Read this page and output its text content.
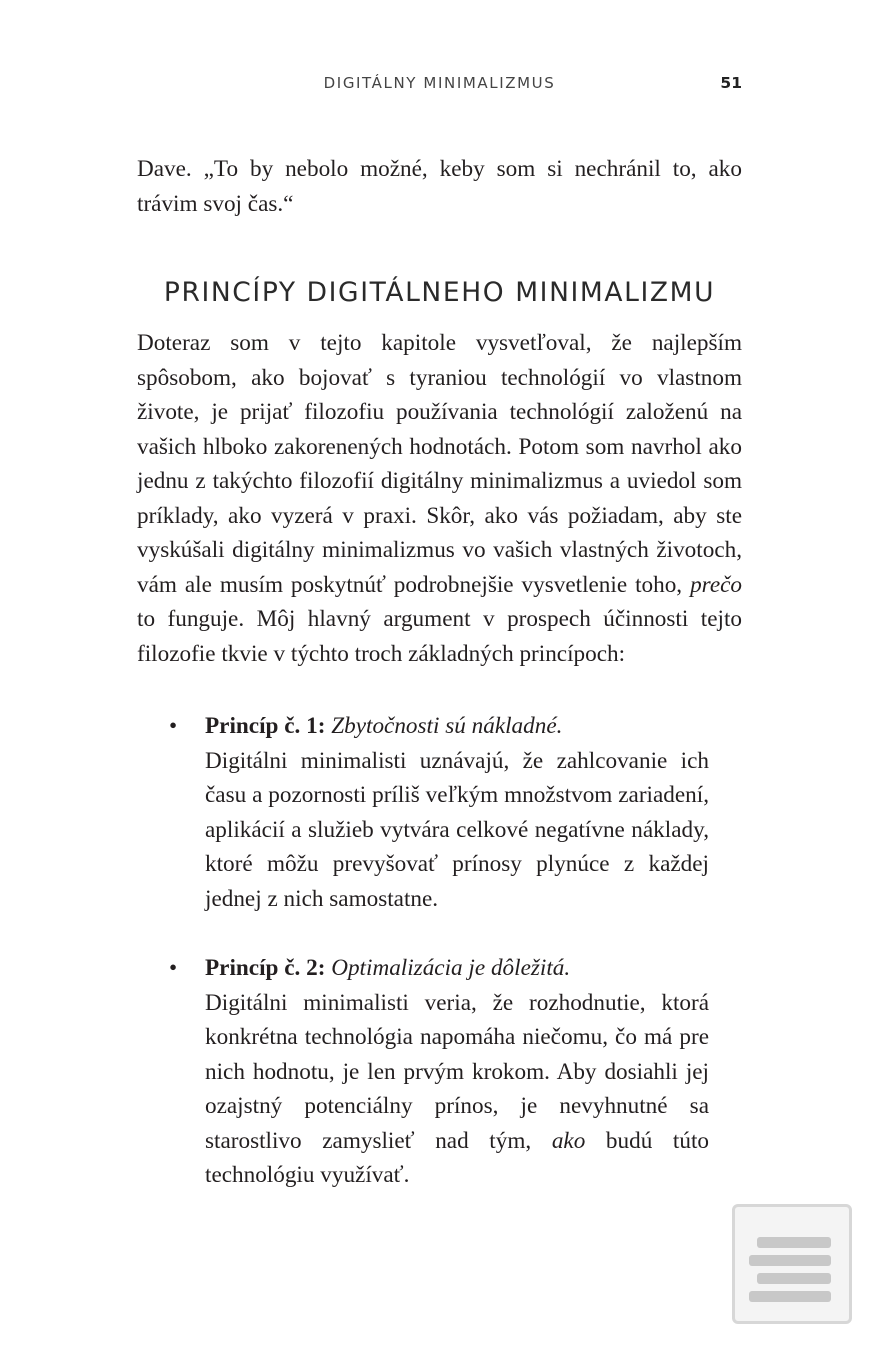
DIGITÁLNY MINIMALIZMUS	51

Dave. „To by nebolo možné, keby som si nechránil to, ako trávim svoj čas.“

PRINCÍPY DIGITÁLNEHO MINIMALIZMU

Doteraz som v tejto kapitole vysvetľoval, že najlepším spôsobom, ako bojovať s tyraniou technológií vo vlastnom živote, je prijať filozofiu používania technológií založenú na vašich hlboko zakorenených hodnotách. Potom som navrhol ako jednu z takýchto filozofií digitálny minimalizmus a uviedol som príklady, ako vyzerá v praxi. Skôr, ako vás požiadam, aby ste vyskúšali digitálny minimalizmus vo vašich vlastných životoch, vám ale musím poskytnúť podrobnejšie vysvetlenie toho, prečo to funguje. Môj hlavný argument v prospech účinnosti tejto filozofie tkvie v týchto troch základných princípoch:

• Princíp č. 1: Zbytočnosti sú nákladné.
Digitálni minimalisti uznávajú, že zahlcovanie ich času a pozornosti príliš veľkým množstvom zariadení, aplikácií a služieb vytvára celkové negatívne náklady, ktoré môžu prevyšovať prínosy plynúce z každej jednej z nich samostatne.
• Princíp č. 2: Optimalizácia je dôležitá.
Digitálni minimalisti veria, že rozhodnutie, ktorá konkrétna technológia napomáha niečomu, čo má pre nich hodnotu, je len prvým krokom. Aby dosiahli jej ozajstný potenciálny prínos, je nevyhnutné sa starostlivo zamyslieť nad tým, ako budú túto technológiu využívať.
